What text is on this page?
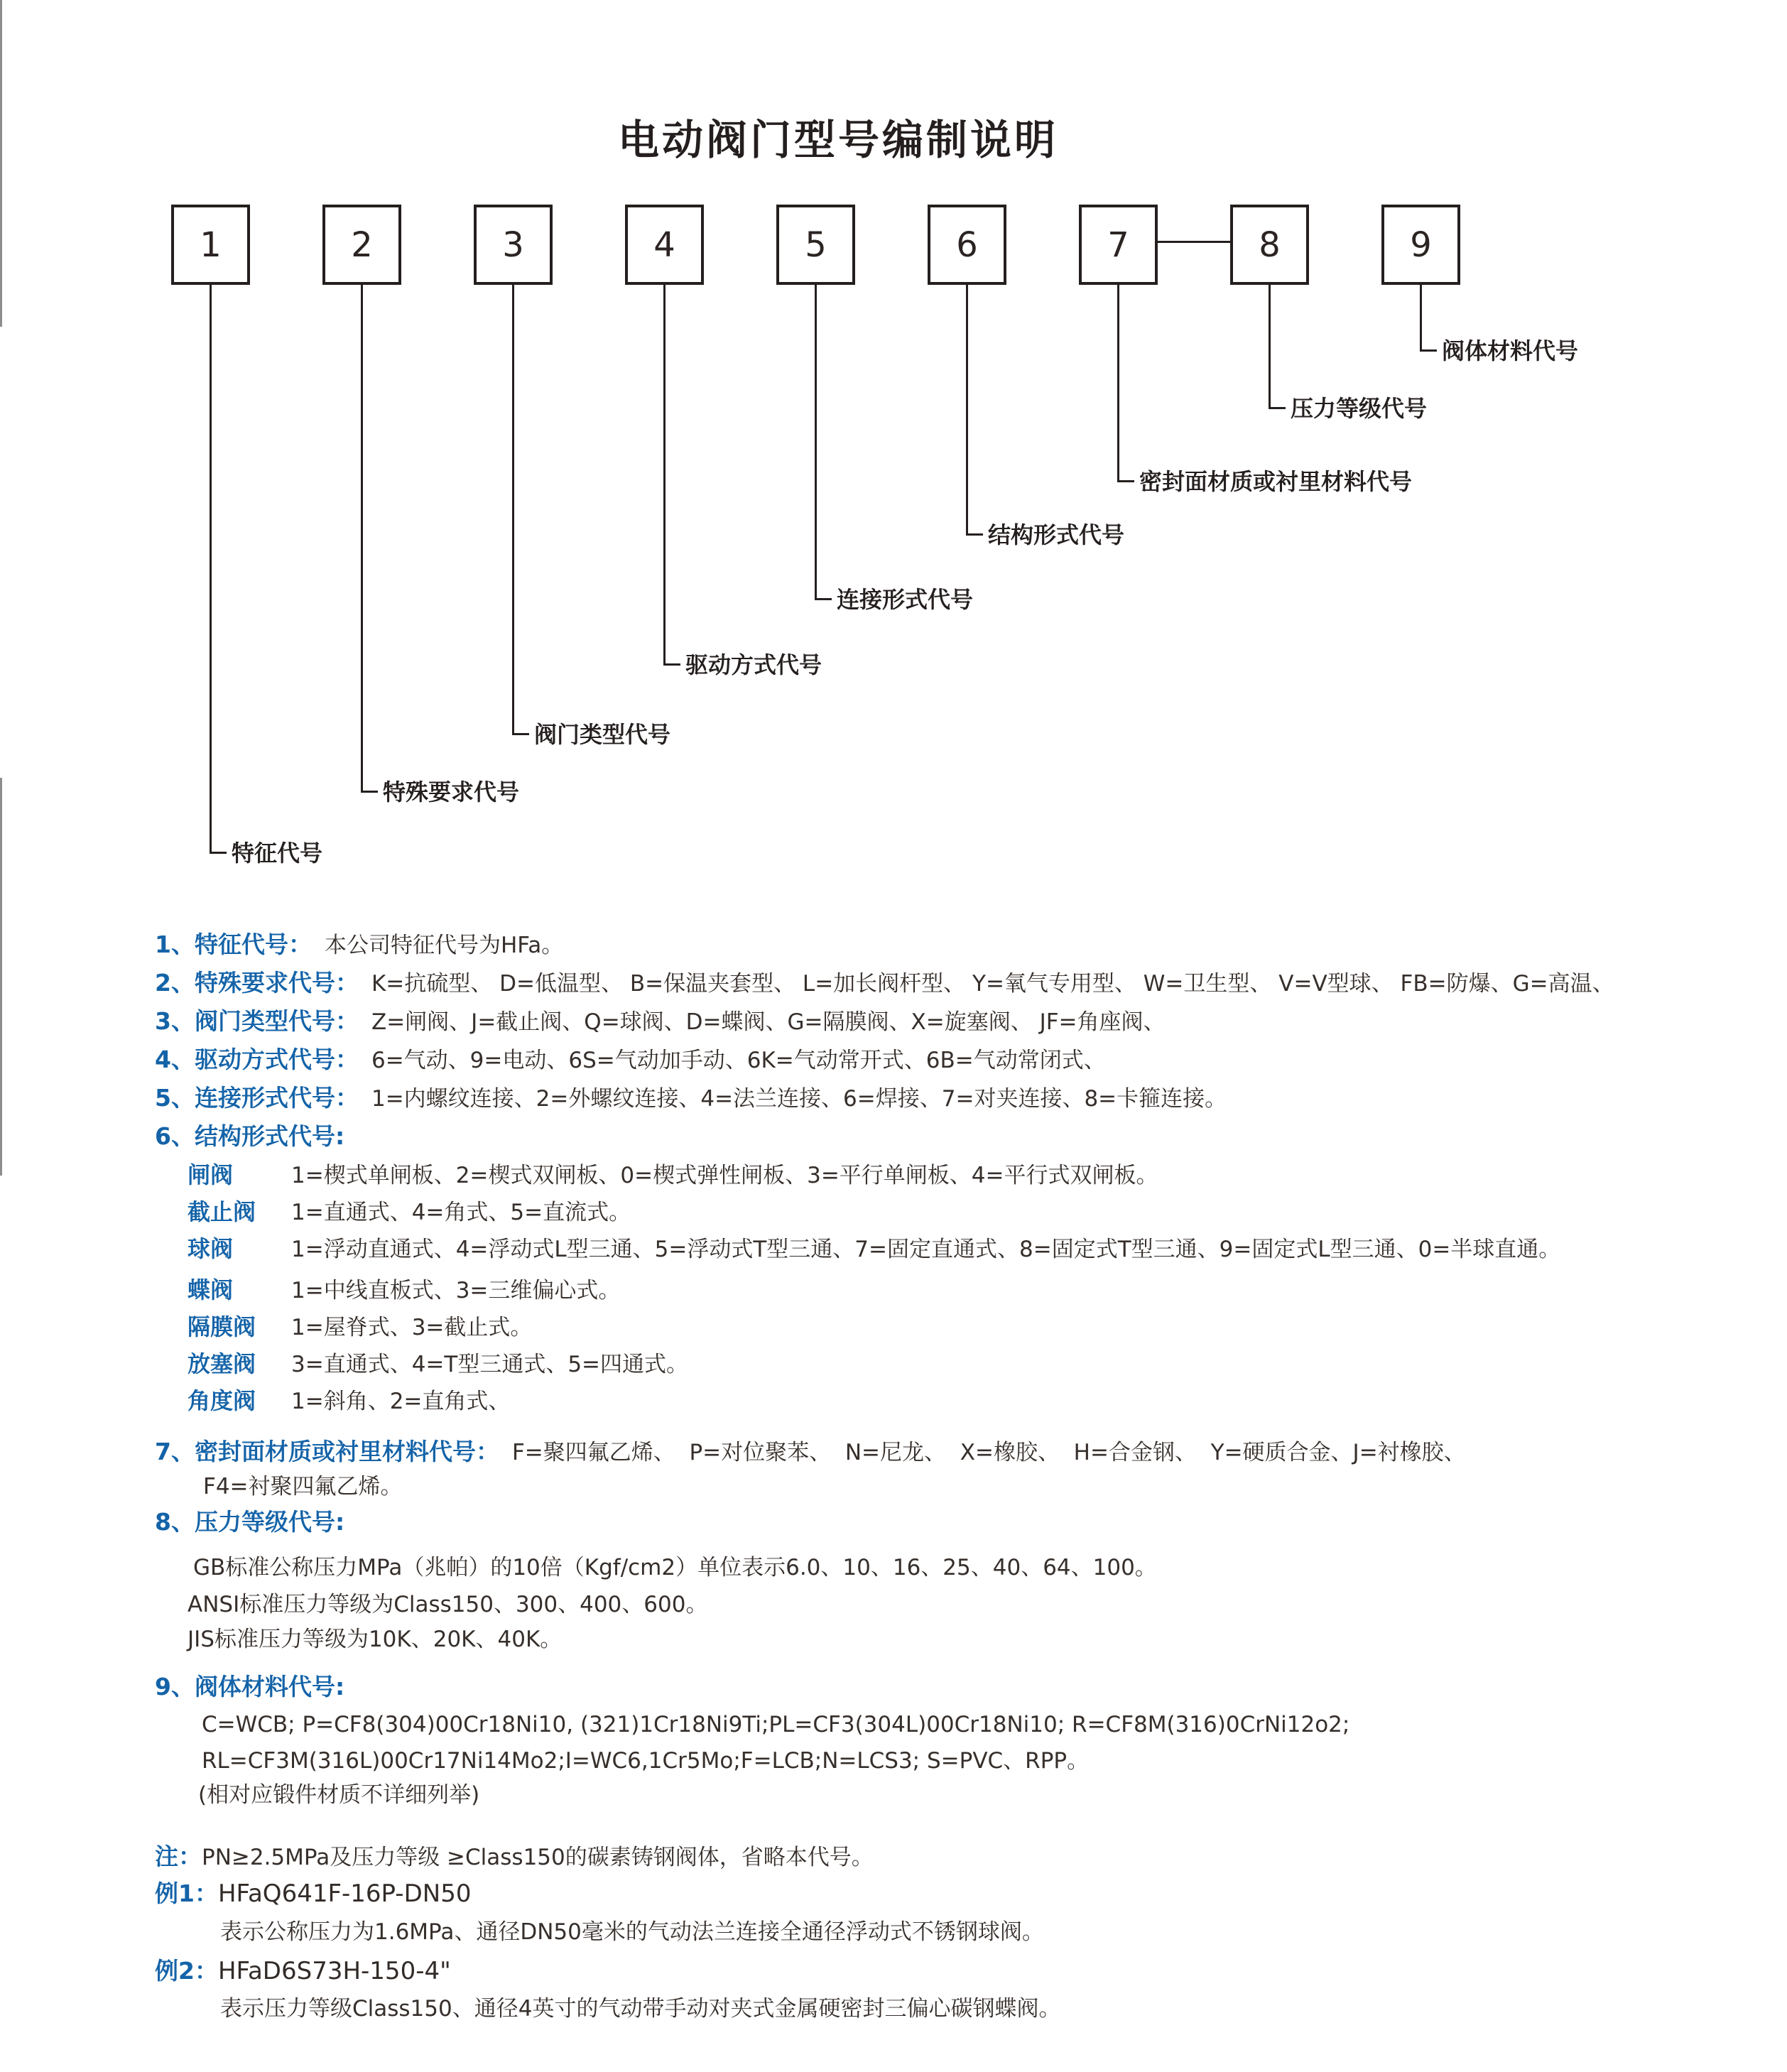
电动阀门型号编制说明
1	2	3	4	5	6	7	8	9
特征代号
特殊要求代号
阀门类型代号
驱动方式代号
连接形式代号
结构形式代号
密封面材质或衬里材料代号
压力等级代号
阀体材料代号
1、特征代号： 本公司特征代号为HFa。
2、特殊要求代号： K=抗硫型、 D=低温型、 B=保温夹套型、 L=加长阀杆型、 Y=氧气专用型、 W=卫生型、 V=V型球、 FB=防爆、G=高温、
3、阀门类型代号： Z=闸阀、J=截止阀、Q=球阀、D=蝶阀、G=隔膜阀、X=旋塞阀、 JF=角座阀、
4、驱动方式代号： 6=气动、9=电动、6S=气动加手动、6K=气动常开式、6B=气动常闭式、
5、连接形式代号： 1=内螺纹连接、2=外螺纹连接、4=法兰连接、6=焊接、7=对夹连接、8=卡箍连接。
6、结构形式代号:
闸阀	1=楔式单闸板、2=楔式双闸板、0=楔式弹性闸板、3=平行单闸板、4=平行式双闸板。
截止阀 1=直通式、4=角式、5=直流式。
球阀	1=浮动直通式、4=浮动式L型三通、5=浮动式T型三通、7=固定直通式、8=固定式T型三通、9=固定式L型三通、0=半球直通。
蝶阀	1=中线直板式、3=三维偏心式。
隔膜阀 1=屋脊式、3=截止式。
放塞阀 3=直通式、4=T型三通式、5=四通式。
角度阀 1=斜角、2=直角式、
7、密封面材质或衬里材料代号： F=聚四氟乙烯、  P=对位聚苯、  N=尼龙、  X=橡胶、  H=合金钢、  Y=硬质合金、J=衬橡胶、
F4=衬聚四氟乙烯。
8、压力等级代号:
GB标准公称压力MPa（兆帕）的10倍（Kgf/cm2）单位表示6.0、10、16、25、40、64、100。
ANSI标准压力等级为Class150、300、400、600。
JIS标准压力等级为10K、20K、40K。
9、阀体材料代号:
C=WCB; P=CF8(304)00Cr18Ni10, (321)1Cr18Ni9Ti;PL=CF3(304L)00Cr18Ni10; R=CF8M(316)0CrNi12o2;
RL=CF3M(316L)00Cr17Ni14Mo2;I=WC6,1Cr5Mo;F=LCB;N=LCS3; S=PVC、RPP。
(相对应锻件材质不详细列举)
注：PN≥2.5MPa及压力等级 ≥Class150的碳素铸钢阀体，省略本代号。
例1：HFaQ641F-16P-DN50
表示公称压力为1.6MPa、通径DN50毫米的气动法兰连接全通径浮动式不锈钢球阀。
例2：HFaD6S73H-150-4"
表示压力等级Class150、通径4英寸的气动带手动对夹式金属硬密封三偏心碳钢蝶阀。
